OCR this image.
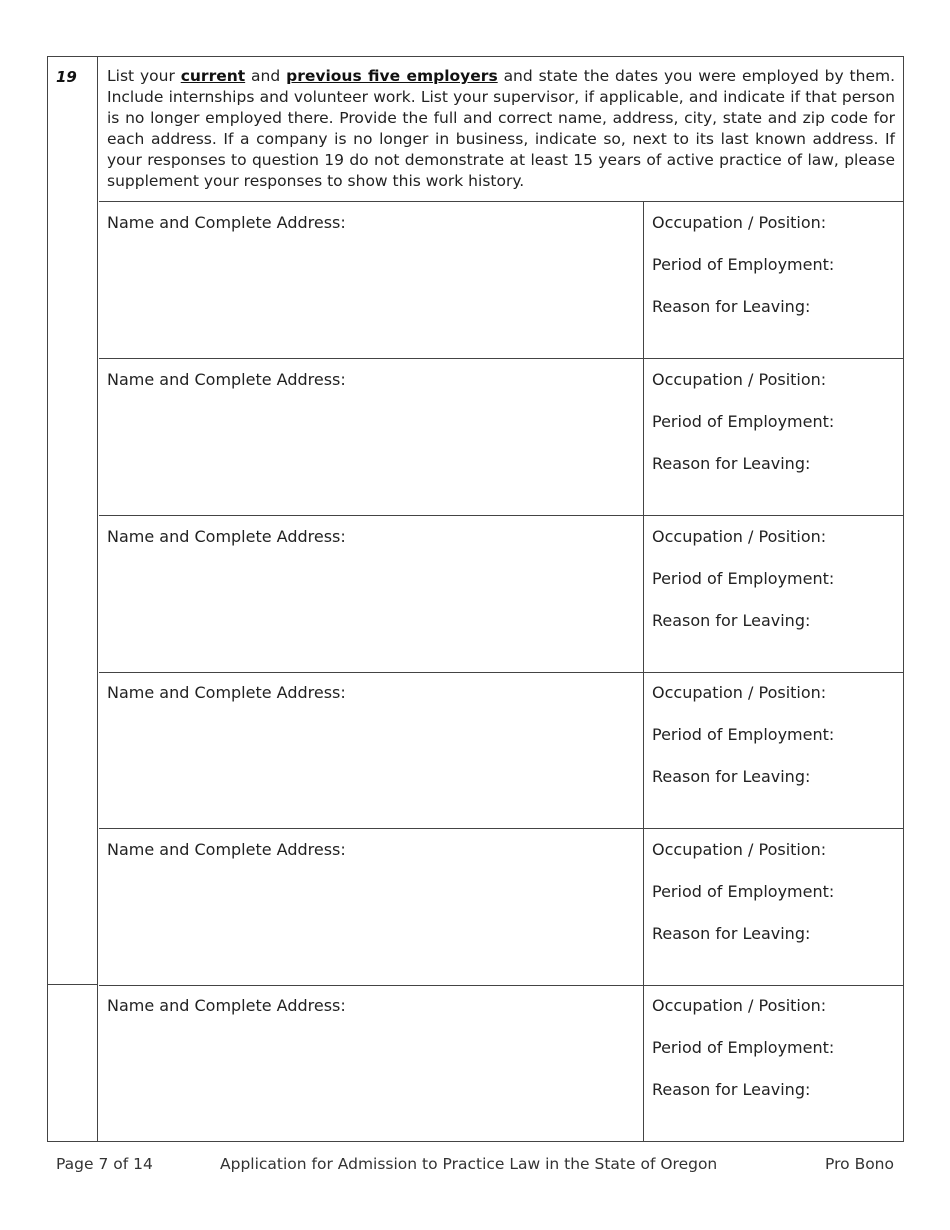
19	List your current and previous five employers and state the dates you were employed by them. Include internships and volunteer work. List your supervisor, if applicable, and indicate if that person is no longer employed there. Provide the full and correct name, address, city, state and zip code for each address. If a company is no longer in business, indicate so, next to its last known address. If your responses to question 19 do not demonstrate at least 15 years of active practice of law, please supplement your responses to show this work history.
Name and Complete Address:	Occupation / Position:
Period of Employment:
Reason for Leaving:
Name and Complete Address:	Occupation / Position:
Period of Employment:
Reason for Leaving:
Name and Complete Address:	Occupation / Position:
Period of Employment:
Reason for Leaving:
Name and Complete Address:	Occupation / Position:
Period of Employment:
Reason for Leaving:
Name and Complete Address:	Occupation / Position:
Period of Employment:
Reason for Leaving:
Name and Complete Address:	Occupation / Position:
Period of Employment:
Reason for Leaving:
Page 7 of 14	Application for Admission to Practice Law in the State of Oregon	Pro Bono
